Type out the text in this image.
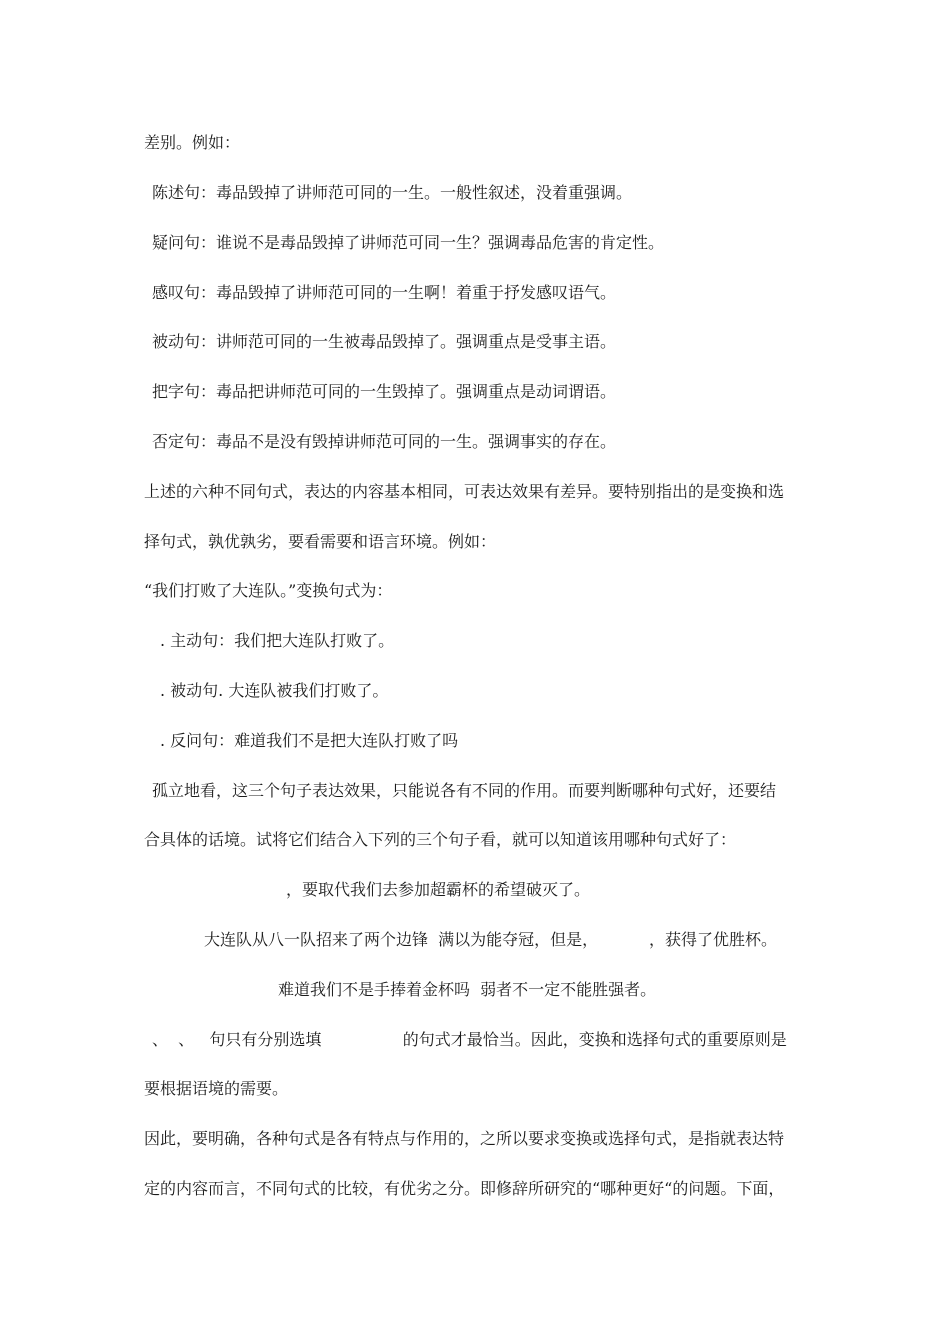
差别。例如：
陈述句：毒品毁掉了讲师范可同的一生。一般性叙述，没着重强调。
疑问句：谁说不是毒品毁掉了讲师范可同一生？强调毒品危害的肯定性。
感叹句：毒品毁掉了讲师范可同的一生啊！着重于抒发感叹语气。
被动句：讲师范可同的一生被毒品毁掉了。强调重点是受事主语。
把字句：毒品把讲师范可同的一生毁掉了。强调重点是动词谓语。
否定句：毒品不是没有毁掉讲师范可同的一生。强调事实的存在。
上述的六种不同句式，表达的内容基本相同，可表达效果有差异。要特别指出的是变换和选
择句式，孰优孰劣，要看需要和语言环境。例如：
“我们打败了大连队。”变换句式为：
. 主动句：我们把大连队打败了。
. 被动句. 大连队被我们打败了。
. 反问句：难道我们不是把大连队打败了吗
孤立地看，这三个句子表达效果，只能说各有不同的作用。而要判断哪种句式好，还要结
合具体的话境。试将它们结合入下列的三个句子看，就可以知道该用哪种句式好了：
，要取代我们去参加超霸杯的希望破灭了。
大连队从八一队招来了两个边锋  满以为能夺冠，但是，          ，获得了优胜杯。
难道我们不是手捧着金杯吗  弱者不一定不能胜强者。
、  、   句只有分别选填                的句式才最恰当。因此，变换和选择句式的重要原则是
要根据语境的需要。
因此，要明确，各种句式是各有特点与作用的，之所以要求变换或选择句式，是指就表达特
定的内容而言，不同句式的比较，有优劣之分。即修辞所研究的“哪种更好“的问题。下面，
